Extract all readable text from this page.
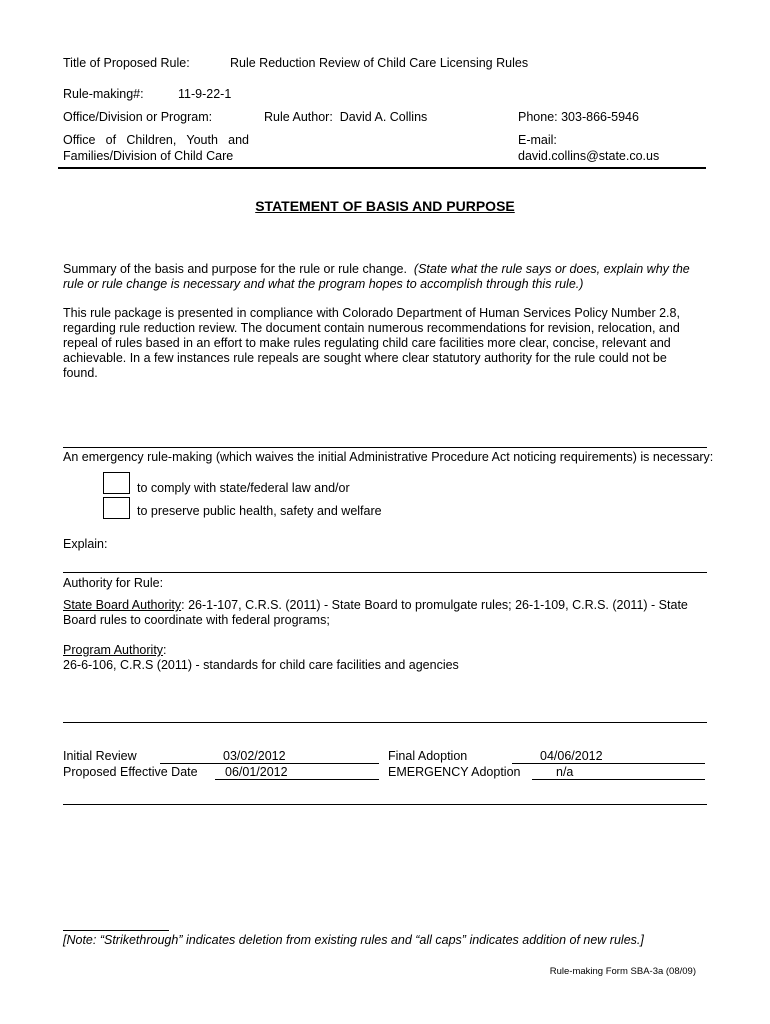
Title of Proposed Rule:	Rule Reduction Review of Child Care Licensing Rules
Rule-making#:	11-9-22-1
Office/Division or Program:	Rule Author: David A. Collins	Phone: 303-866-5946
Office of Children, Youth and
Families/Division of Child Care
E-mail:
david.collins@state.co.us
STATEMENT OF BASIS AND PURPOSE
Summary of the basis and purpose for the rule or rule change. (State what the rule says or does, explain why the rule or rule change is necessary and what the program hopes to accomplish through this rule.)
This rule package is presented in compliance with Colorado Department of Human Services Policy Number 2.8, regarding rule reduction review. The document contain numerous recommendations for revision, relocation, and repeal of rules based in an effort to make rules regulating child care facilities more clear, concise, relevant and achievable. In a few instances rule repeals are sought where clear statutory authority for the rule could not be found.
An emergency rule-making (which waives the initial Administrative Procedure Act noticing requirements) is necessary:
to comply with state/federal law and/or
to preserve public health, safety and welfare
Explain:
Authority for Rule:
State Board Authority: 26-1-107, C.R.S. (2011) - State Board to promulgate rules; 26-1-109, C.R.S. (2011) - State Board rules to coordinate with federal programs;
Program Authority:
26-6-106, C.R.S (2011) - standards for child care facilities and agencies
Initial Review	03/02/2012	Final Adoption	04/06/2012
Proposed Effective Date 06/01/2012	EMERGENCY Adoption	n/a
[Note: “Strikethrough” indicates deletion from existing rules and “all caps” indicates addition of new rules.]
Rule-making Form SBA-3a (08/09)
